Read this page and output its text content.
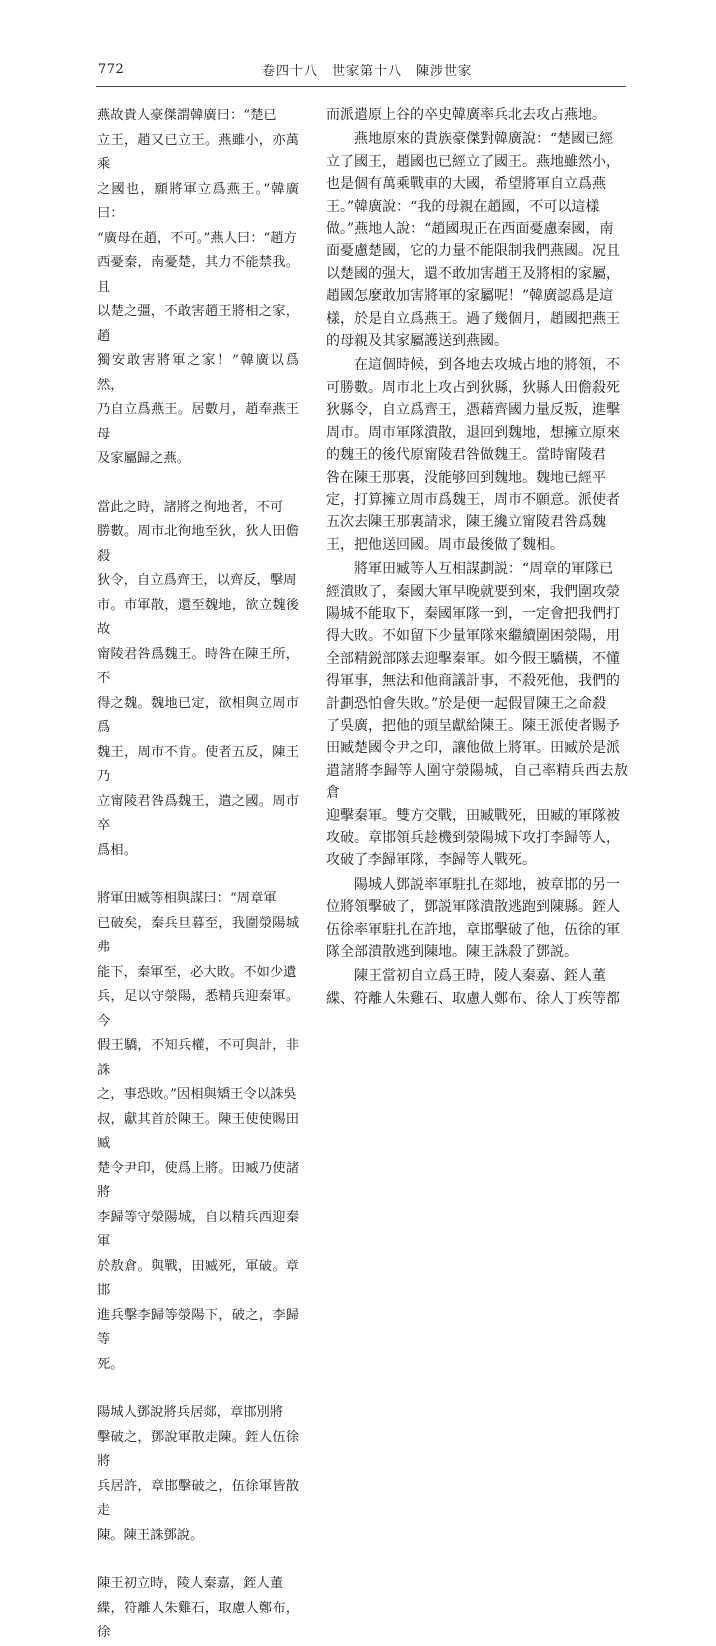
772	卷四十八　世家第十八　陳涉世家

燕故貴人豪傑謂韓廣曰：“楚已
立王，趙又已立王。燕雖小，亦萬乘
之國也，願將軍立爲燕王。”韓廣曰：
“廣母在趙，不可。”燕人曰：“趙方
西憂秦，南憂楚，其力不能禁我。且
以楚之彊，不敢害趙王將相之家，趙
獨安敢害將軍之家！”韓廣以爲然，
乃自立爲燕王。居數月，趙奉燕王母
及家屬歸之燕。

當此之時，諸將之徇地者，不可
勝數。周市北徇地至狄，狄人田儋殺
狄令，自立爲齊王，以齊反，擊周
市。市軍散，還至魏地，欲立魏後故
甯陵君咎爲魏王。時咎在陳王所，不
得之魏。魏地已定，欲相與立周市爲
魏王，周市不肯。使者五反，陳王乃
立甯陵君咎爲魏王，遣之國。周市卒
爲相。

將軍田臧等相與謀曰：“周章軍
已破矣，秦兵旦暮至，我圍滎陽城弗
能下，秦軍至，必大敗。不如少遺
兵，足以守滎陽，悉精兵迎秦軍。今
假王驕，不知兵權，不可與計，非誅
之，事恐敗。”因相與矯王令以誅吳
叔，獻其首於陳王。陳王使使賜田臧
楚令尹印，使爲上將。田臧乃使諸將
李歸等守滎陽城，自以精兵西迎秦軍
於敖倉。與戰，田臧死，軍破。章邯
進兵擊李歸等滎陽下，破之，李歸等
死。

陽城人鄧說將兵居郯，章邯別將
擊破之，鄧說軍散走陳。銍人伍徐將
兵居許，章邯擊破之，伍徐軍皆散走
陳。陳王誅鄧說。

陳王初立時，陵人秦嘉，銍人董
緤，符離人朱雞石，取慮人鄭布，徐

而派遣原上谷的卒史韓廣率兵北去攻占燕地。

　　燕地原來的貴族豪傑對韓廣說：“楚國已經
立了國王，趙國也已經立了國王。燕地雖然小，
也是個有萬乘戰車的大國，希望將軍自立爲燕
王。”韓廣說：“我的母親在趙國，不可以這樣
做。”燕地人說：“趙國現正在西面憂慮秦國，南
面憂慮楚國，它的力量不能限制我們燕國。况且
以楚國的强大，還不敢加害趙王及將相的家屬，
趙國怎麼敢加害將軍的家屬呢！”韓廣認爲是這
樣，於是自立爲燕王。過了幾個月，趙國把燕王
的母親及其家屬護送到燕國。

　　在這個時候，到各地去攻城占地的將領，不
可勝數。周市北上攻占到狄縣，狄縣人田儋殺死
狄縣令，自立爲齊王，憑藉齊國力量反叛，進擊
周市。周市軍隊潰散，退回到魏地，想擁立原來
的魏王的後代原甯陵君咎做魏王。當時甯陵君
咎在陳王那裏，没能够回到魏地。魏地已經平
定，打算擁立周市爲魏王，周市不願意。派使者
五次去陳王那裏請求，陳王纔立甯陵君咎爲魏
王，把他送回國。周市最後做了魏相。

　　將軍田臧等人互相謀劃説：“周章的軍隊已
經潰敗了，秦國大軍早晚就要到來，我們圍攻滎
陽城不能取下，秦國軍隊一到，一定會把我們打
得大敗。不如留下少量軍隊來繼續圍困滎陽，用
全部精鋭部隊去迎擊秦軍。如今假王驕橫，不懂
得軍事，無法和他商議計事，不殺死他，我們的
計劃恐怕會失敗。”於是便一起假冒陳王之命殺
了吳廣，把他的頭呈獻給陳王。陳王派使者賜予
田臧楚國令尹之印，讓他做上將軍。田臧於是派
遣諸將李歸等人圍守滎陽城，自己率精兵西去敖倉
迎擊秦軍。雙方交戰，田臧戰死，田臧的軍隊被
攻破。章邯領兵趁機到滎陽城下攻打李歸等人，
攻破了李歸軍隊，李歸等人戰死。

　　陽城人鄧説率軍駐扎在郯地，被章邯的另一
位將領擊破了，鄧説軍隊潰散逃跑到陳縣。銍人
伍徐率軍駐扎在許地，章邯擊破了他，伍徐的軍
隊全部潰散逃到陳地。陳王誅殺了鄧説。

　　陳王當初自立爲王時，陵人秦嘉、銍人董
緤、符離人朱雞石、取慮人鄭布、徐人丁疾等都
